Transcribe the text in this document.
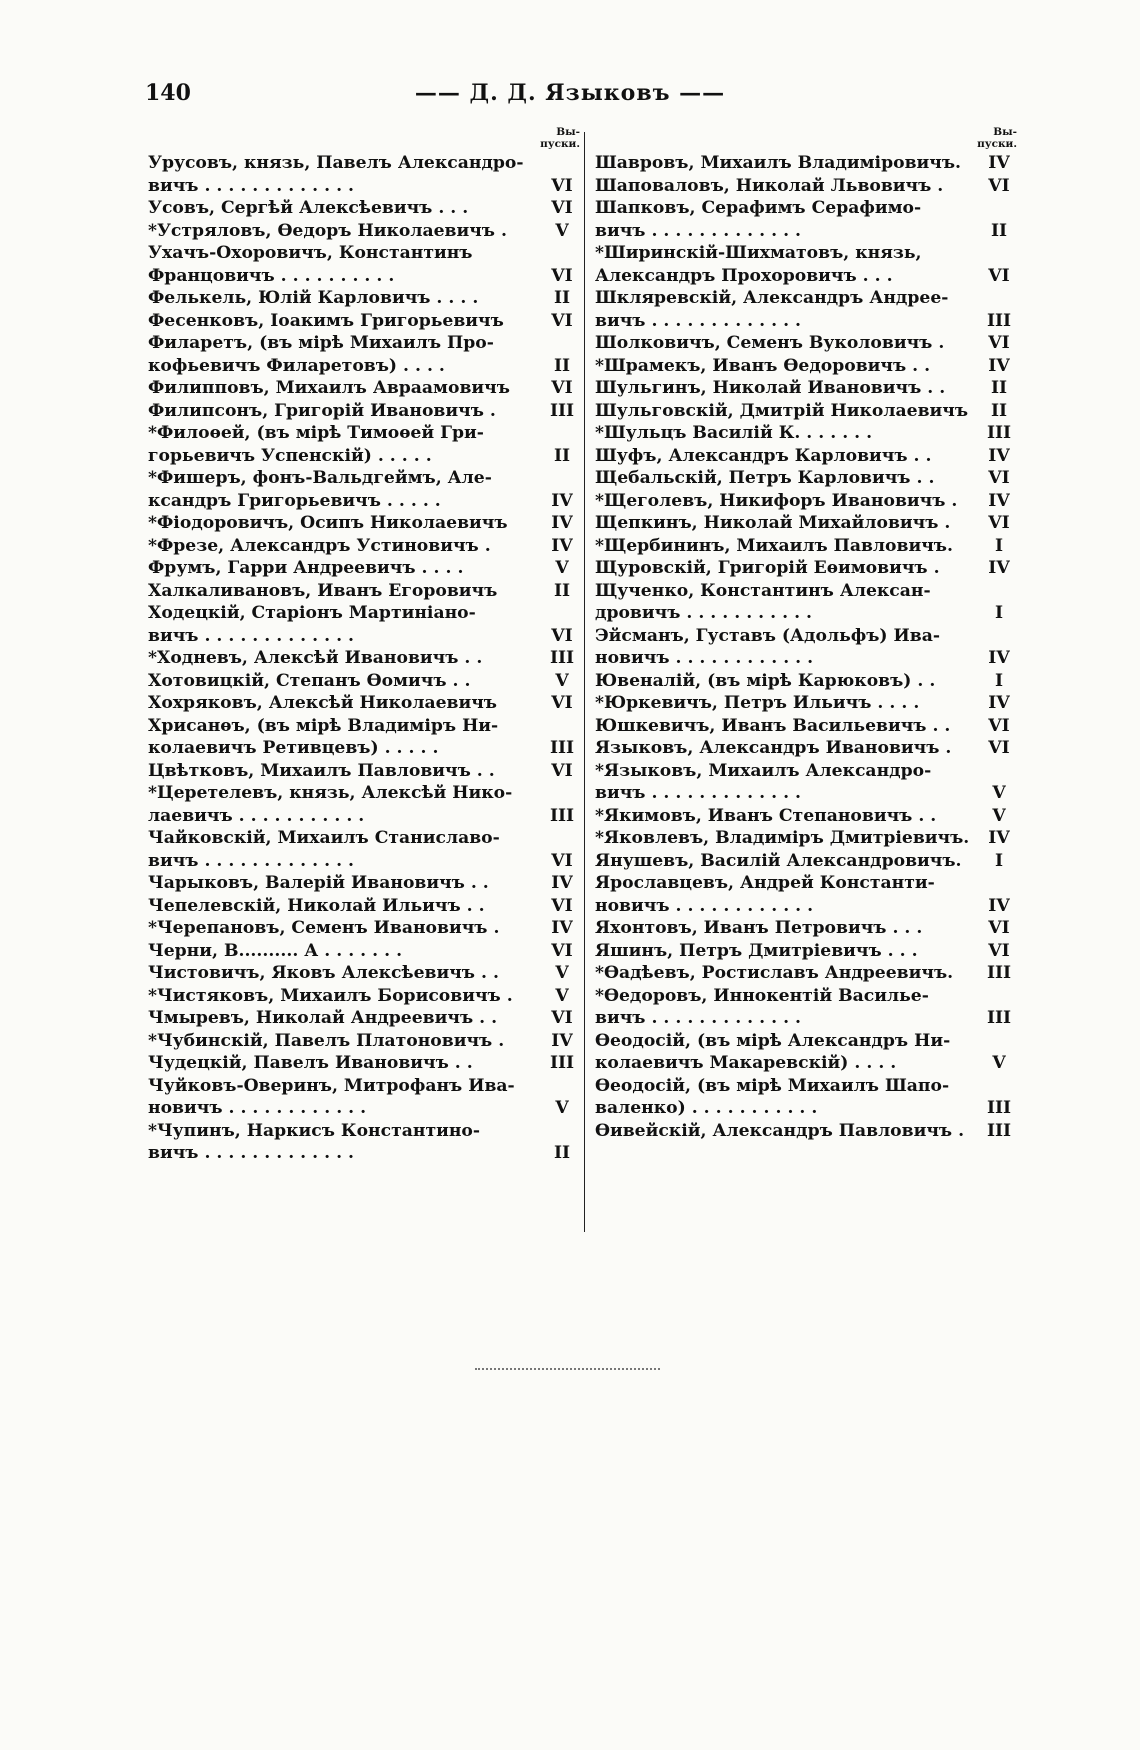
140	—— Д. Д. Языковъ ——
Вы-
пуски.
Урусовъ, князь, Павелъ Александро-
вичъ . . . . . . . . . . . . .	VI
Усовъ, Сергѣй Алексѣевичъ . . .	VI
*Устряловъ, Ѳедоръ Николаевичъ .	V
Ухачъ-Охоровичъ, Константинъ
Францовичъ . . . . . . . . . .	VI
Фелькель, Юлій Карловичъ . . . .	II
Фесенковъ, Іоакимъ Григорьевичъ	VI
Филаретъ, (въ мірѣ Михаилъ Про-
кофьевичъ Филаретовъ) . . . .	II
Филипповъ, Михаилъ Авраамовичъ	VI
Филипсонъ, Григорій Ивановичъ .	III
*Филоѳей, (въ мірѣ Тимоѳей Гри-
горьевичъ Успенскій) . . . . .	II
*Фишеръ, фонъ-Вальдгеймъ, Але-
ксандръ Григорьевичъ . . . . .	IV
*Фіодоровичъ, Осипъ Николаевичъ	IV
*Фрезе, Александръ Устиновичъ .	IV
Фрумъ, Гарри Андреевичъ . . . .	V
Халкаливановъ, Иванъ Егоровичъ	II
Ходецкій, Старіонъ Мартиніано-
вичъ . . . . . . . . . . . . .	VI
*Ходневъ, Алексѣй Ивановичъ . .	III
Хотовицкій, Степанъ Ѳомичъ . .	V
Хохряковъ, Алексѣй Николаевичъ	VI
Хрисанѳъ, (въ мірѣ Владиміръ Ни-
колаевичъ Ретивцевъ) . . . . .	III
Цвѣтковъ, Михаилъ Павловичъ . .	VI
*Церетелевъ, князь, Алексѣй Нико-
лаевичъ . . . . . . . . . . .	III
Чайковскій, Михаилъ Станиславо-
вичъ . . . . . . . . . . . . .	VI
Чарыковъ, Валерій Ивановичъ . .	IV
Чепелевскій, Николай Ильичъ . .	VI
*Черепановъ, Семенъ Ивановичъ .	IV
Черни, В.......... А . . . . . . .	VI
Чистовичъ, Яковъ Алексѣевичъ . .	V
*Чистяковъ, Михаилъ Борисовичъ .	V
Чмыревъ, Николай Андреевичъ . .	VI
*Чубинскій, Павелъ Платоновичъ .	IV
Чудецкій, Павелъ Ивановичъ . .	III
Чуйковъ-Оверинъ, Митрофанъ Ива-
новичъ . . . . . . . . . . . .	V
*Чупинъ, Наркисъ Константино-
вичъ . . . . . . . . . . . . .	II
Вы-
пуски.
Шавровъ, Михаилъ Владиміровичъ.	IV
Шаповаловъ, Николай Львовичъ .	VI
Шапковъ, Серафимъ Серафимо-
вичъ . . . . . . . . . . . . .	II
*Ширинскій-Шихматовъ, князь,
Александръ Прохоровичъ . . .	VI
Шкляревскій, Александръ Андрее-
вичъ . . . . . . . . . . . . .	III
Шолковичъ, Семенъ Вуколовичъ .	VI
*Шрамекъ, Иванъ Ѳедоровичъ . .	IV
Шульгинъ, Николай Ивановичъ . .	II
Шульговскій, Дмитрій Николаевичъ	II
*Шульцъ Василій К. . . . . . .	III
Шуфъ, Александръ Карловичъ . .	IV
Щебальскій, Петръ Карловичъ . .	VI
*Щеголевъ, Никифоръ Ивановичъ .	IV
Щепкинъ, Николай Михайловичъ .	VI
*Щербининъ, Михаилъ Павловичъ.	I
Щуровскій, Григорій Еѳимовичъ .	IV
Щученко, Константинъ Алексан-
дровичъ . . . . . . . . . . .	I
Эйсманъ, Густавъ (Адольфъ) Ива-
новичъ . . . . . . . . . . . .	IV
Ювеналій, (въ мірѣ Карюковъ) . .	I
*Юркевичъ, Петръ Ильичъ . . . .	IV
Юшкевичъ, Иванъ Васильевичъ . .	VI
Языковъ, Александръ Ивановичъ .	VI
*Языковъ, Михаилъ Александро-
вичъ . . . . . . . . . . . . .	V
*Якимовъ, Иванъ Степановичъ . .	V
*Яковлевъ, Владиміръ Дмитріевичъ.	IV
Янушевъ, Василій Александровичъ.	I
Ярославцевъ, Андрей Константи-
новичъ . . . . . . . . . . . .	IV
Яхонтовъ, Иванъ Петровичъ . . .	VI
Яшинъ, Петръ Дмитріевичъ . . .	VI
*Ѳадѣевъ, Ростиславъ Андреевичъ.	III
*Ѳедоровъ, Иннокентій Василье-
вичъ . . . . . . . . . . . . .	III
Ѳеодосій, (въ мірѣ Александръ Ни-
колаевичъ Макаревскій) . . . .	V
Ѳеодосій, (въ мірѣ Михаилъ Шапо-
валенко) . . . . . . . . . . .	III
Ѳивейскій, Александръ Павловичъ .	III
